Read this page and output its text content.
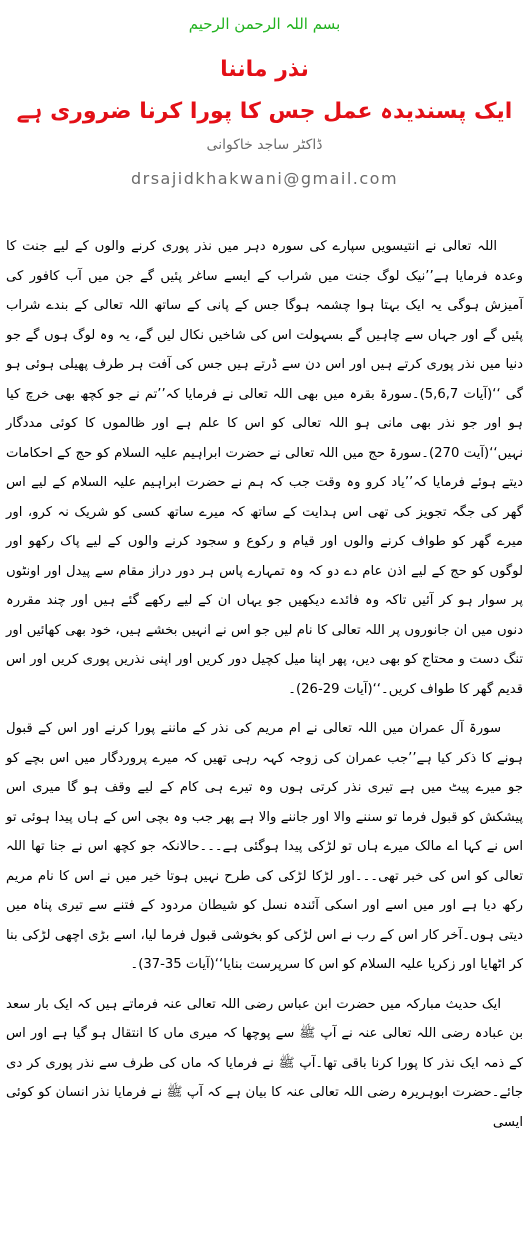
بسم اللہ الرحمن الرحیم
نذر ماننا
ایک پسندیدہ عمل جس کا پورا کرنا ضروری ہے
ڈاکٹر ساجد خاکوانی
drsajidkhakwani@gmail.com

اللہ تعالی نے انتیسویں سپارے کی سورہ دہر میں نذر پوری کرنے والوں کے لیے جنت کا وعدہ فرمایا ہے’’نیک لوگ جنت میں شراب کے ایسے ساغر پئیں گے جن میں آب کافور کی آمیزش ہوگی یہ ایک بہتا ہوا چشمہ ہوگا جس کے پانی کے ساتھ اللہ تعالی کے بندے شراب پئیں گے اور جہاں سے چاہیں گے بسہولت اس کی شاخیں نکال لیں گے، یہ وہ لوگ ہوں گے جو دنیا میں نذر پوری کرتے ہیں اور اس دن سے ڈرتے ہیں جس کی آفت ہر طرف پھیلی ہوئی ہو گی ‘‘(آیات 5,6,7)۔سورۃ بقرہ میں بھی اللہ تعالی نے فرمایا کہ’’تم نے جو کچھ بھی خرچ کیا ہو اور جو نذر بھی مانی ہو اللہ تعالی کو اس کا علم ہے اور ظالموں کا کوئی مددگار نہیں‘‘(آیت 270)۔سورۃ حج میں اللہ تعالی نے حضرت ابراہیم علیہ السلام کو حج کے احکامات دیتے ہوئے فرمایا کہ’’یاد کرو وہ وقت جب کہ ہم نے حضرت ابراہیم علیہ السلام کے لیے اس گھر کی جگہ تجویز کی تھی اس ہدایت کے ساتھ کہ میرے ساتھ کسی کو شریک نہ کرو، اور میرے گھر کو طواف کرنے والوں اور قیام و رکوع و سجود کرنے والوں کے لیے پاک رکھو اور لوگوں کو حج کے لیے اذن عام دے دو کہ وہ تمہارے پاس ہر دور دراز مقام سے پیدل اور اونٹوں پر سوار ہو کر آئیں تاکہ وہ فائدے دیکھیں جو یہاں ان کے لیے رکھے گئے ہیں اور چند مقررہ دنوں میں ان جانوروں پر اللہ تعالی کا نام لیں جو اس نے انہیں بخشے ہیں، خود بھی کھائیں اور تنگ دست و محتاج کو بھی دیں، پھر اپنا میل کچیل دور کریں اور اپنی نذریں پوری کریں اور اس قدیم گھر کا طواف کریں۔‘‘(آیات 29-26)۔

سورۃ آل عمران میں اللہ تعالی نے ام مریم کی نذر کے ماننے پورا کرنے اور اس کے قبول ہونے کا ذکر کیا ہے’’جب عمران کی زوجہ کہہ رہی تھیں کہ میرے پروردگار میں اس بچے کو جو میرے پیٹ میں ہے تیری نذر کرتی ہوں وہ تیرے ہی کام کے لیے وقف ہو گا میری اس پیشکش کو قبول فرما تو سننے والا اور جاننے والا ہے پھر جب وہ بچی اس کے ہاں پیدا ہوئی تو اس نے کہا اے مالک میرے ہاں تو لڑکی پیدا ہوگئی ہے۔۔۔حالانکہ جو کچھ اس نے جنا تھا اللہ تعالی کو اس کی خبر تھی۔۔۔اور لڑکا لڑکی کی طرح نہیں ہوتا خیر میں نے اس کا نام مریم رکھ دیا ہے اور میں اسے اور اسکی آئندہ نسل کو شیطان مردود کے فتنے سے تیری پناہ میں دیتی ہوں۔آخر کار اس کے رب نے اس لڑکی کو بخوشی قبول فرما لیا، اسے بڑی اچھی لڑکی بنا کر اٹھایا اور زکریا علیہ السلام کو اس کا سرپرست بنایا‘‘(آیات 35-37)۔

ایک حدیث مبارکہ میں حضرت ابن عباس رضی اللہ تعالی عنہ فرماتے ہیں کہ ایک بار سعد بن عبادہ رضی اللہ تعالی عنہ نے آپ ﷺ سے پوچھا کہ میری ماں کا انتقال ہو گیا ہے اور اس کے ذمہ ایک نذر کا پورا کرنا باقی تھا۔آپ ﷺ نے فرمایا کہ ماں کی طرف سے نذر پوری کر دی جائے۔حضرت ابوہریرہ رضی اللہ تعالی عنہ کا بیان ہے کہ آپ ﷺ نے فرمایا نذر انسان کو کوئی ایسی
